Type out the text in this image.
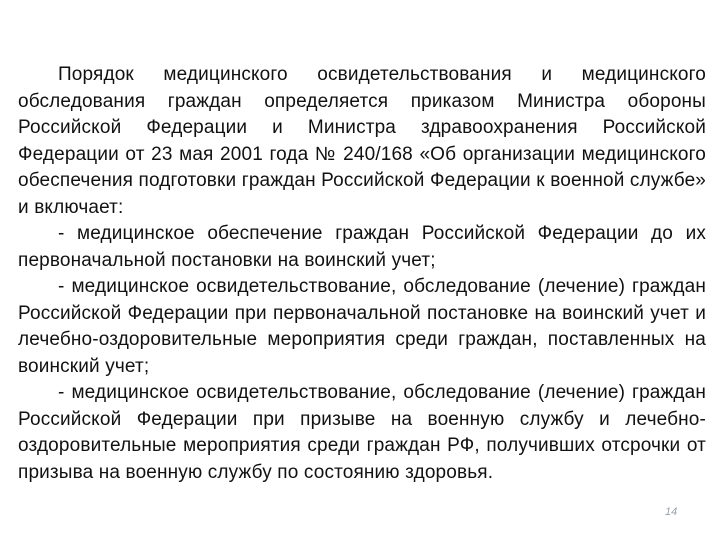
Порядок медицинского освидетельствования и медицинского обследования граждан определяется приказом Министра обороны Российской Федерации и Министра здравоохранения Российской Федерации от 23 мая 2001 года № 240/168 «Об организации медицинского обеспечения подготовки граждан Российской Федерации к военной службе» и включает:

- медицинское обеспечение граждан Российской Федерации до их первоначальной постановки на воинский учет;

- медицинское освидетельствование, обследование (лечение) граждан Российской Федерации при первоначальной постановке на воинский учет и лечебно-оздоровительные мероприятия среди граждан, поставленных на воинский учет;

- медицинское освидетельствование, обследование (лечение) граждан Российской Федерации при призыве на военную службу и лечебно-оздоровительные мероприятия среди граждан РФ, получивших отсрочки от призыва на военную службу по состоянию здоровья.

14
